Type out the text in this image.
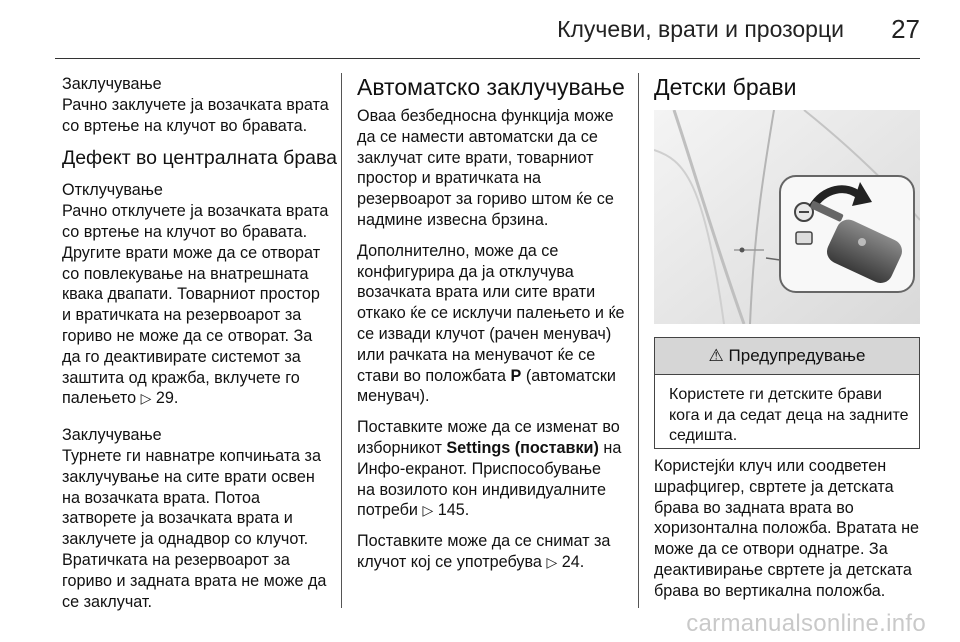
Клучеви, врати и прозорци 27

Заклучување

Рачно заклучете ја возачката врата

со вртење на клучот во бравата.

Дефект во централната брава

Отклучување

Рачно отклучете ја возачката врата

со вртење на клучот во бравата.

Другите врати може да се отворат

со повлекување на внатрешната

квака двапати. Товарниот простор

и вратичката на резервоарот за

гориво не може да се отворат. За

да го деактивирате системот за

заштита од кражба, вклучете го

палењето ▷ 29.

Заклучување

Турнете ги навнатре копчињата за

заклучување на сите врати освен

на возачката врата. Потоа

затворете ја возачката врата и

заклучете ја однадвор со клучот.

Вратичката на резервоарот за

гориво и задната врата не може да

се заклучат.

Автоматско заклучување

Оваа безбедносна функција може

да се намести автоматски да се

заклучат сите врати, товарниот

простор и вратичката на

резервоарот за гориво штом ќе се

надмине извесна брзина.

Дополнително, може да се

конфигурира да ја отклучува

возачката врата или сите врати

откако ќе се исклучи палењето и ќе

се извади клучот (рачен менувач)

или рачката на менувачот ќе се

стави во положбата P (автоматски

менувач).

Поставките може да се изменат во

изборникот Settings (поставки) на

Инфо-екранот. Приспособување

на возилото кон индивидуалните

потреби ▷ 145.

Поставките може да се снимат за

клучот кој се употребува ▷ 24.

Детски брави

⚠ Предупредување

Користете ги детските брави

кога и да седат деца на задните

седишта.

Користејќи клуч или соодветен

шрафцигер, свртете ја детската

брава во задната врата во

хоризонтална положба. Вратата не

може да се отвори однатре. За

деактивирање свртете ја детската

брава во вертикална положба.

carmanualsonline.info
